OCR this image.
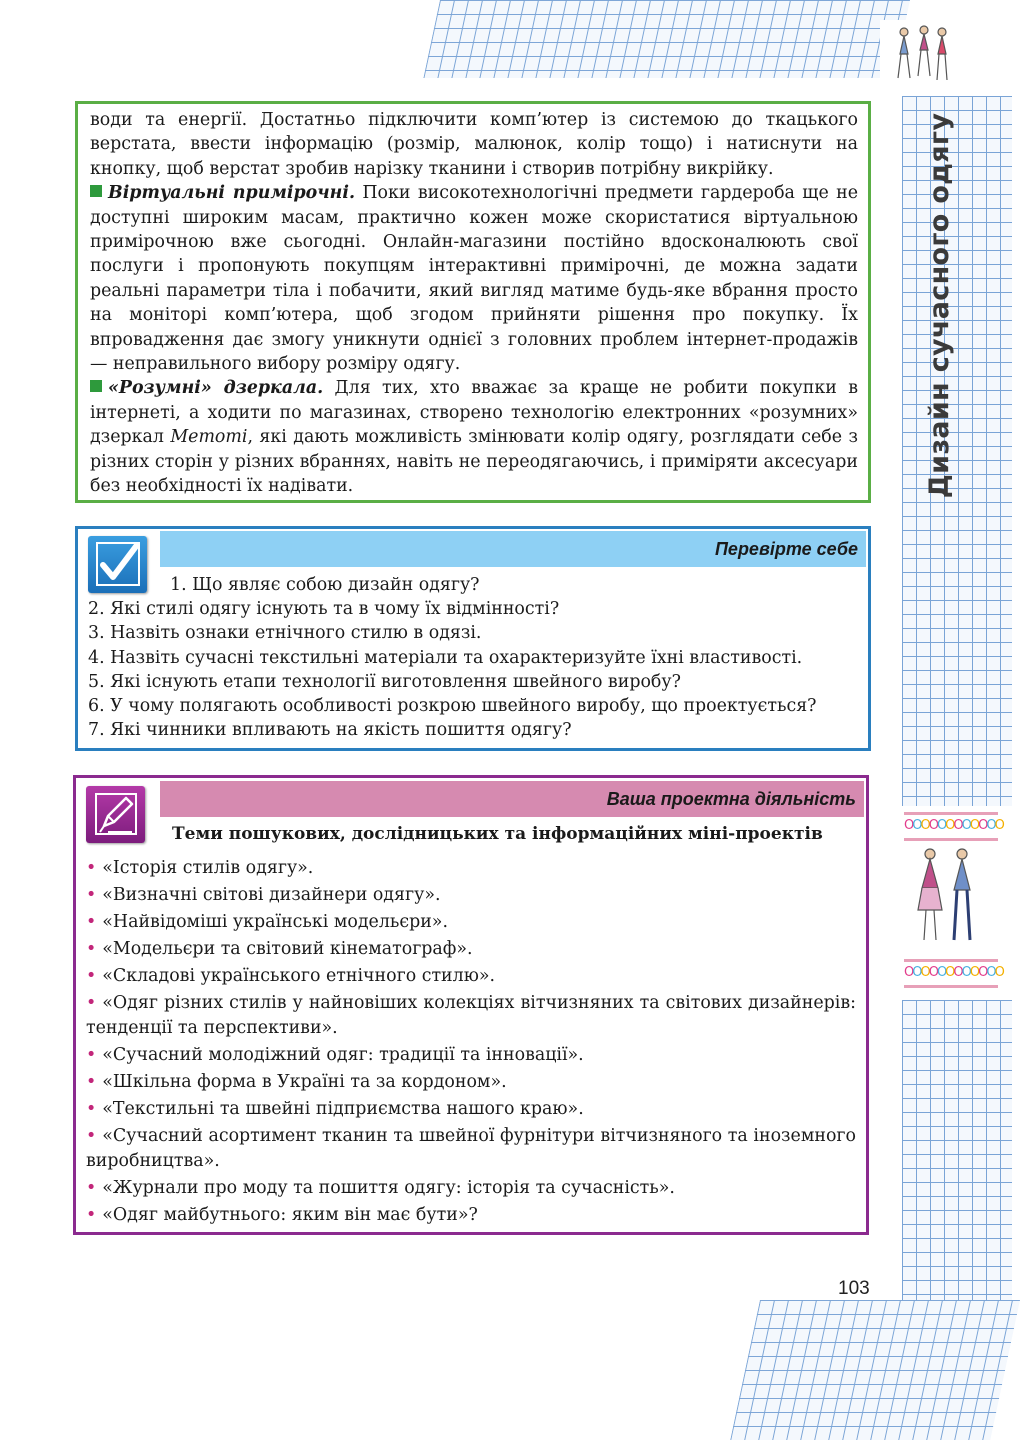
OOOOOOOOOOOO
OOOOOOOOOOOO
Дизайн сучасного одягу

води та енергії. Достатньо підключити комп’ютер із системою до ткацького верстата, ввести інформацію (розмір, малюнок, колір тощо) і натиснути на кнопку, щоб верстат зробив нарізку тканини і створив потрібну викрійку.

Віртуальні примірочні. Поки високотехнологічні предмети гардероба ще не доступні широким масам, практично кожен може скористатися віртуальною примірочною вже сьогодні. Онлайн-магазини постійно вдосконалюють свої послуги і пропонують покупцям інтерактивні примірочні, де можна задати реальні параметри тіла і побачити, який вигляд матиме будь-яке вбрання просто на моніторі комп’ютера, щоб згодом прийняти рішення про покупку. Їх впровадження дає змогу уникнути однієї з головних проблем інтернет-продажів — неправильного вибору розміру одягу.

«Розумні» дзеркала. Для тих, хто вважає за краще не робити покупки в інтернеті, а ходити по магазинах, створено технологію електронних «розумних» дзеркал Memomi, які дають можливість змінювати колір одягу, розглядати себе з різних сторін у різних вбраннях, навіть не переодягаючись, і приміряти аксесуари без необхідності їх надівати.

Перевірте себе
1. Що являє собою дизайн одягу?
2. Які стилі одягу існують та в чому їх відмінності?
3. Назвіть ознаки етнічного стилю в одязі.
4. Назвіть сучасні текстильні матеріали та охарактеризуйте їхні властивості.
5. Які існують етапи технології виготовлення швейного виробу?
6. У чому полягають особливості розкрою швейного виробу, що проектується?
7. Які чинники впливають на якість пошиття одягу?
Ваша проектна діяльність
Теми пошукових, дослідницьких та інформаційних міні-проектів
• «Історія стилів одягу».
• «Визначні світові дизайнери одягу».
• «Найвідоміші українські модельєри».
• «Модельєри та світовий кінематограф».
• «Складові українського етнічного стилю».
• «Одяг різних стилів у найновіших колекціях вітчизняних та світових дизайнерів: тенденції та перспективи».
• «Сучасний молодіжний одяг: традиції та інновації».
• «Шкільна форма в Україні та за кордоном».
• «Текстильні та швейні підприємства нашого краю».
• «Сучасний асортимент тканин та швейної фурнітури вітчизняного та іноземного виробництва».
• «Журнали про моду та пошиття одягу: історія та сучасність».
• «Одяг майбутнього: яким він має бути»?
103
